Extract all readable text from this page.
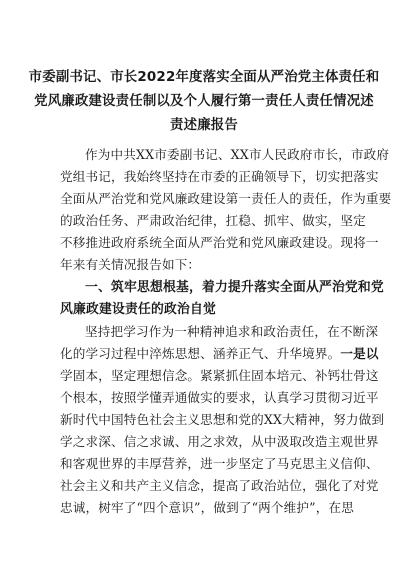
市委副书记、市长2022年度落实全面从严治党主体责任和
党风廉政建设责任制以及个人履行第一责任人责任情况述
责述廉报告
作为中共XX市委副书记、XX市人民政府市长，市政府
党组书记，我始终坚持在市委的正确领导下，切实把落实
全面从严治党和党风廉政建设第一责任人的责任，作为重要
的政治任务、严肃政治纪律，扛稳、抓牢、做实，坚定
不移推进政府系统全面从严治党和党风廉政建设。现将一
年来有关情况报告如下：
一、筑牢思想根基，着力提升落实全面从严治党和党
风廉政建设责任的政治自觉
坚持把学习作为一种精神追求和政治责任，在不断深
化的学习过程中淬炼思想、涵养正气、升华境界。一是以
学固本，坚定理想信念。紧紧抓住固本培元、补钙壮骨这
个根本，按照学懂弄通做实的要求，认真学习贯彻习近平
新时代中国特色社会主义思想和党的XX大精神，努力做到
学之求深、信之求诚、用之求效，从中汲取改造主观世界
和客观世界的丰厚营养，进一步坚定了马克思主义信仰、
社会主义和共产主义信念，提高了政治站位，强化了对党
忠诚，树牢了“四个意识”，做到了“两个维护”，在思
